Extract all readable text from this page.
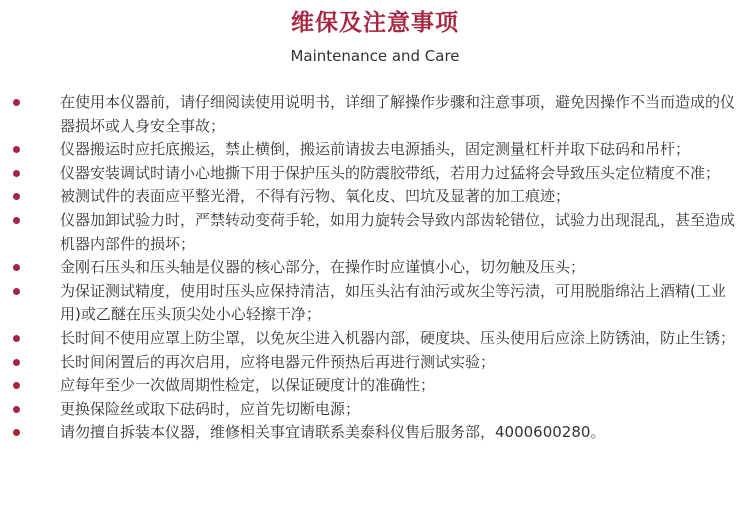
维保及注意事项
Maintenance and Care
在使用本仪器前，请仔细阅读使用说明书，详细了解操作步骤和注意事项，避免因操作不当而造成的仪器损坏或人身安全事故；
仪器搬运时应托底搬运，禁止横倒，搬运前请拔去电源插头，固定测量杠杆并取下砝码和吊杆；
仪器安装调试时请小心地撕下用于保护压头的防震胶带纸，若用力过猛将会导致压头定位精度不准；
被测试件的表面应平整光滑，不得有污物、氧化皮、凹坑及显著的加工痕迹；
仪器加卸试验力时，严禁转动变荷手轮，如用力旋转会导致内部齿轮错位，试验力出现混乱，甚至造成机器内部件的损坏；
金刚石压头和压头轴是仪器的核心部分，在操作时应谨慎小心，切勿触及压头；
为保证测试精度，使用时压头应保持清洁，如压头沾有油污或灰尘等污渍，可用脱脂绵沾上酒精(工业用)或乙醚在压头顶尖处小心轻擦干净；
长时间不使用应罩上防尘罩，以免灰尘进入机器内部，硬度块、压头使用后应涂上防锈油，防止生锈；
长时间闲置后的再次启用，应将电器元件预热后再进行测试实验；
应每年至少一次做周期性检定，以保证硬度计的准确性；
更换保险丝或取下砝码时，应首先切断电源；
请勿擅自拆装本仪器，维修相关事宜请联系美泰科仪售后服务部，4000600280。
